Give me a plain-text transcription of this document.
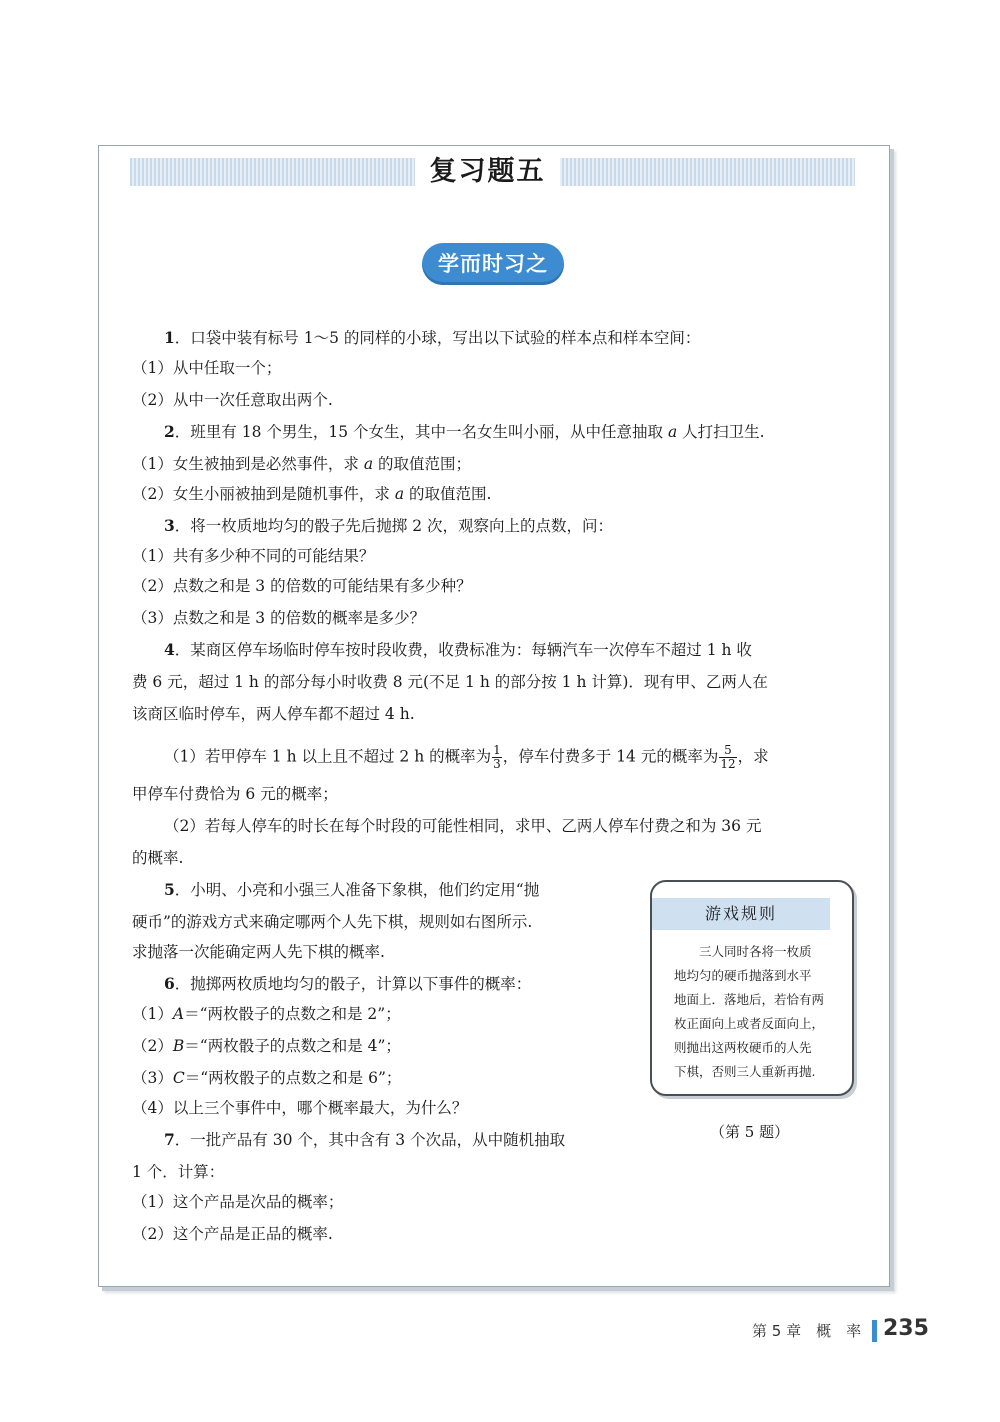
复习题五
学而时习之
1．口袋中装有标号 1～5 的同样的小球，写出以下试验的样本点和样本空间：
（1）从中任取一个；
（2）从中一次任意取出两个.
2．班里有 18 个男生，15 个女生，其中一名女生叫小丽，从中任意抽取 a 人打扫卫生.
（1）女生被抽到是必然事件，求 a 的取值范围；
（2）女生小丽被抽到是随机事件，求 a 的取值范围.
3．将一枚质地均匀的骰子先后抛掷 2 次，观察向上的点数，问：
（1）共有多少种不同的可能结果？
（2）点数之和是 3 的倍数的可能结果有多少种？
（3）点数之和是 3 的倍数的概率是多少？
4．某商区停车场临时停车按时段收费，收费标准为：每辆汽车一次停车不超过 1 h 收
费 6 元，超过 1 h 的部分每小时收费 8 元(不足 1 h 的部分按 1 h 计算)．现有甲、乙两人在
该商区临时停车，两人停车都不超过 4 h.
（1）若甲停车 1 h 以上且不超过 2 h 的概率为 $\frac{1}{3}$ ，停车付费多于 14 元的概率为 $\frac{5}{12}$ ，求
甲停车付费恰为 6 元的概率；
（2）若每人停车的时长在每个时段的可能性相同，求甲、乙两人停车付费之和为 36 元
的概率.
5．小明、小亮和小强三人准备下象棋，他们约定用“抛
硬币”的游戏方式来确定哪两个人先下棋，规则如右图所示.
求抛落一次能确定两人先下棋的概率.
6．抛掷两枚质地均匀的骰子，计算以下事件的概率：
（1）A＝“两枚骰子的点数之和是 2”；
（2）B＝“两枚骰子的点数之和是 4”；
（3）C＝“两枚骰子的点数之和是 6”；
（4）以上三个事件中，哪个概率最大，为什么？
7．一批产品有 30 个，其中含有 3 个次品，从中随机抽取
1 个．计算：
（1）这个产品是次品的概率；
（2）这个产品是正品的概率.
游戏规则
三人同时各将一枚质
地均匀的硬币抛落到水平
地面上．落地后，若恰有两
枚正面向上或者反面向上，
则抛出这两枚硬币的人先
下棋，否则三人重新再抛.
（第 5 题）
第 5 章　概　率 235
